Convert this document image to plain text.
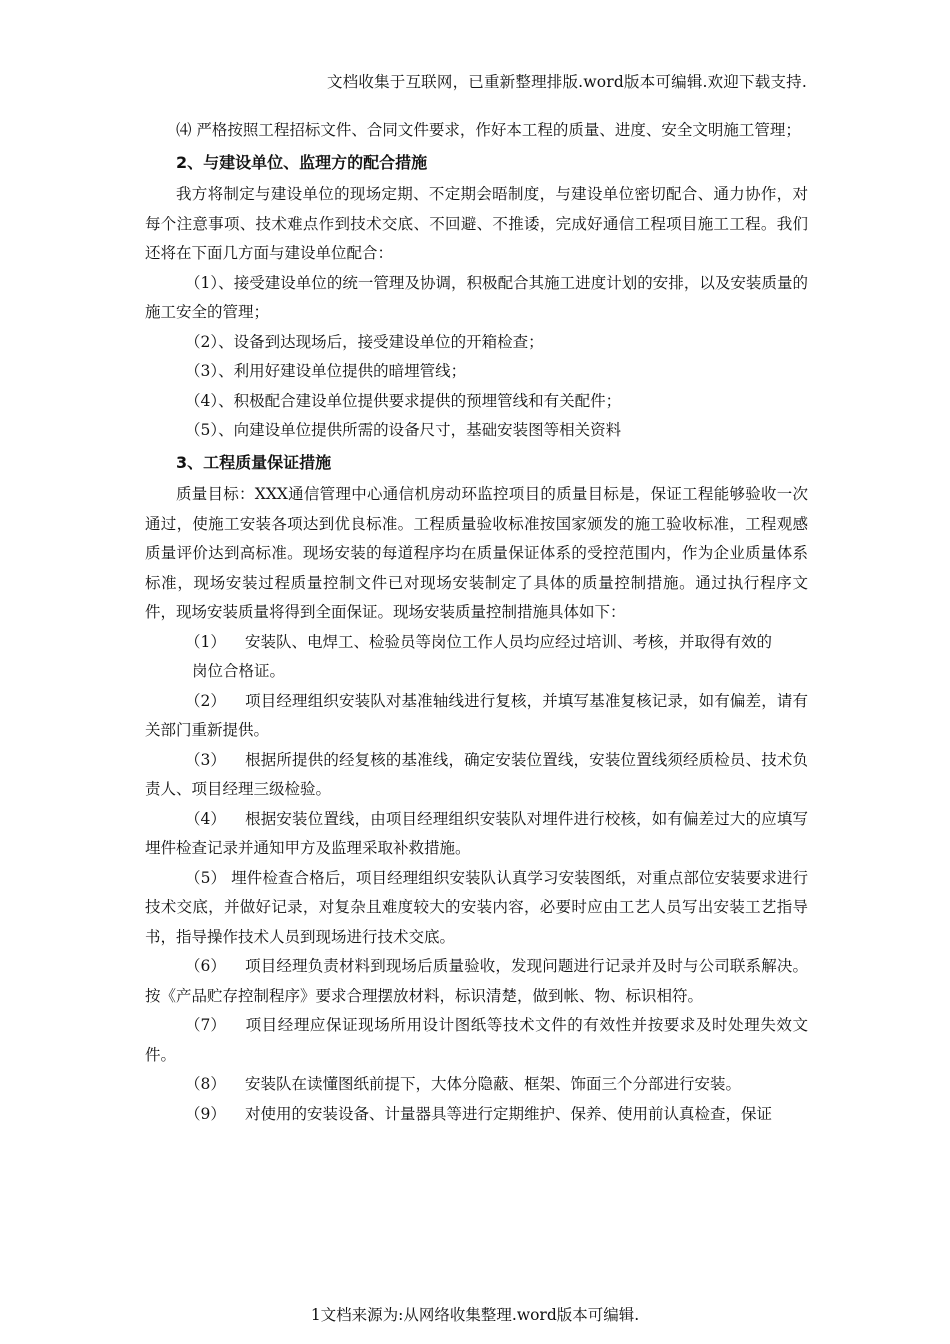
文档收集于互联网，已重新整理排版.word版本可编辑.欢迎下载支持.

⑷ 严格按照工程招标文件、合同文件要求，作好本工程的质量、进度、安全文明施工管理；

2、与建设单位、监理方的配合措施

我方将制定与建设单位的现场定期、不定期会晤制度，与建设单位密切配合、通力协作，对每个注意事项、技术难点作到技术交底、不回避、不推诿，完成好通信工程项目施工工程。我们还将在下面几方面与建设单位配合：

（1）、接受建设单位的统一管理及协调，积极配合其施工进度计划的安排，以及安装质量的施工安全的管理；

（2）、设备到达现场后，接受建设单位的开箱检查；

（3）、利用好建设单位提供的暗埋管线；

（4）、积极配合建设单位提供要求提供的预埋管线和有关配件；

（5）、向建设单位提供所需的设备尺寸，基础安装图等相关资料

3、工程质量保证措施

质量目标：XXX通信管理中心通信机房动环监控项目的质量目标是，保证工程能够验收一次通过，使施工安装各项达到优良标准。工程质量验收标准按国家颁发的施工验收标准，工程观感质量评价达到高标准。现场安装的每道程序均在质量保证体系的受控范围内，作为企业质量体系标准，现场安装过程质量控制文件已对现场安装制定了具体的质量控制措施。通过执行程序文件，现场安装质量将得到全面保证。现场安装质量控制措施具体如下：

（1） 安装队、电焊工、检验员等岗位工作人员均应经过培训、考核，并取得有效的

岗位合格证。

（2） 项目经理组织安装队对基准轴线进行复核，并填写基准复核记录，如有偏差，请有关部门重新提供。

（3） 根据所提供的经复核的基准线，确定安装位置线，安装位置线须经质检员、技术负责人、项目经理三级检验。

（4） 根据安装位置线，由项目经理组织安装队对埋件进行校核，如有偏差过大的应填写埋件检查记录并通知甲方及监理采取补救措施。

（5） 埋件检查合格后，项目经理组织安装队认真学习安装图纸，对重点部位安装要求进行技术交底，并做好记录，对复杂且难度较大的安装内容，必要时应由工艺人员写出安装工艺指导书，指导操作技术人员到现场进行技术交底。

（6） 项目经理负责材料到现场后质量验收，发现问题进行记录并及时与公司联系解决。按《产品贮存控制程序》要求合理摆放材料，标识清楚，做到帐、物、标识相符。

（7） 项目经理应保证现场所用设计图纸等技术文件的有效性并按要求及时处理失效文件。

（8） 安装队在读懂图纸前提下，大体分隐蔽、框架、饰面三个分部进行安装。

（9） 对使用的安装设备、计量器具等进行定期维护、保养、使用前认真检查，保证

1文档来源为:从网络收集整理.word版本可编辑.
